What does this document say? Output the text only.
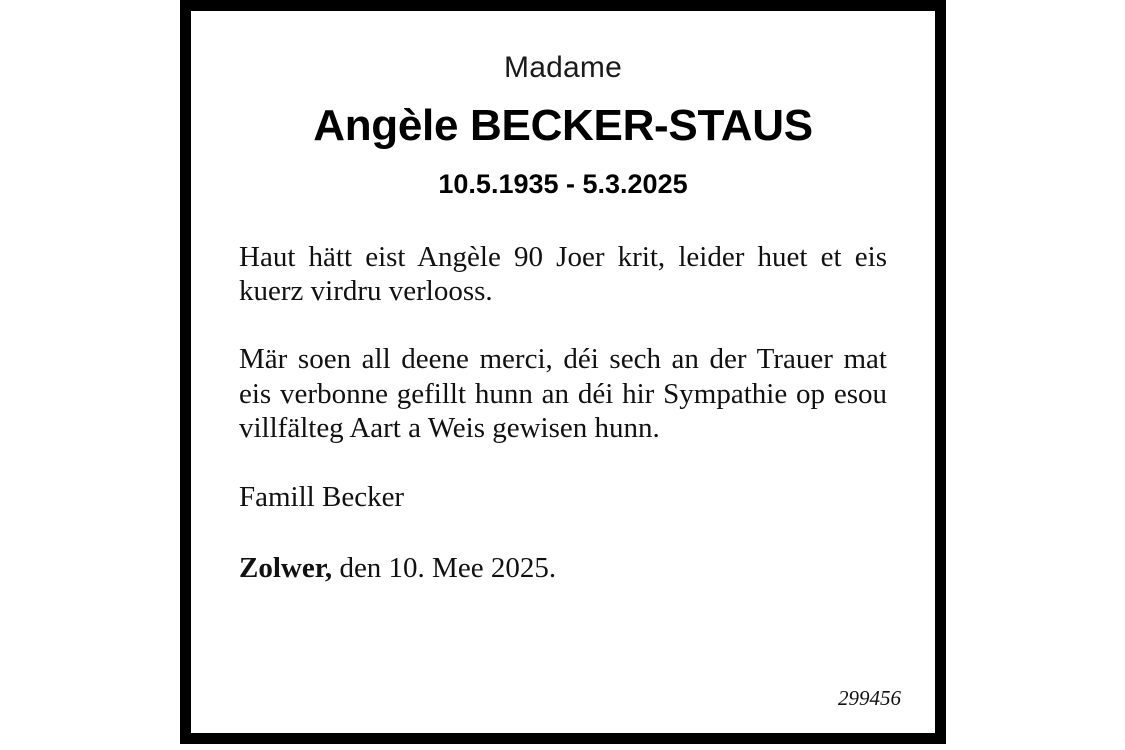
Madame
Angèle BECKER-STAUS
10.5.1935 - 5.3.2025
Haut hätt eist Angèle 90 Joer krit, leider huet et eis kuerz virdru verlooss.
Mär soen all deene merci, déi sech an der Trauer mat eis verbonne gefillt hunn an déi hir Sympathie op esou villfälteg Aart a Weis gewisen hunn.
Famill Becker
Zolwer, den 10. Mee 2025.
299456
